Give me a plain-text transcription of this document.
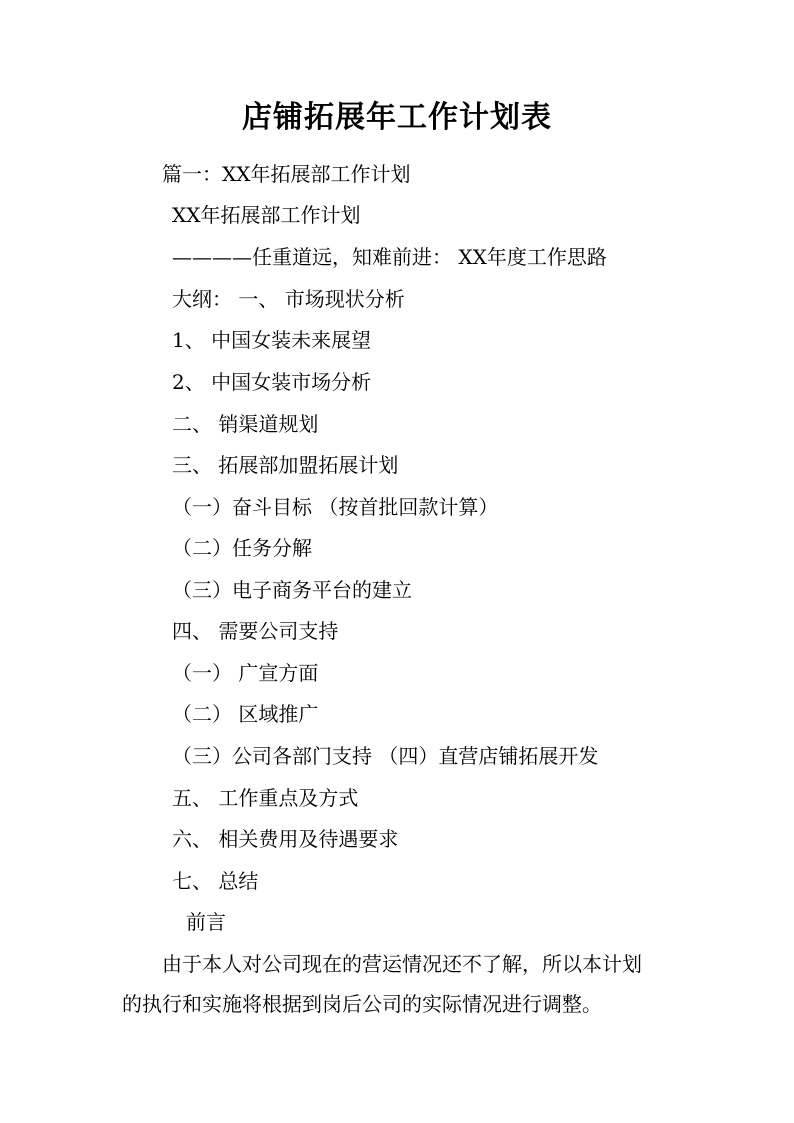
店铺拓展年工作计划表
篇一：XX年拓展部工作计划
XX年拓展部工作计划
————任重道远，知难前进： XX年度工作思路
大纲： 一、 市场现状分析
1、 中国女装未来展望
2、 中国女装市场分析
二、 销渠道规划
三、 拓展部加盟拓展计划
（一）奋斗目标 （按首批回款计算）
（二）任务分解
（三）电子商务平台的建立
四、 需要公司支持
（一） 广宣方面
（二） 区域推广
（三）公司各部门支持 （四）直营店铺拓展开发
五、 工作重点及方式
六、 相关费用及待遇要求
七、 总结
前言
由于本人对公司现在的营运情况还不了解，所以本计划
的执行和实施将根据到岗后公司的实际情况进行调整。
